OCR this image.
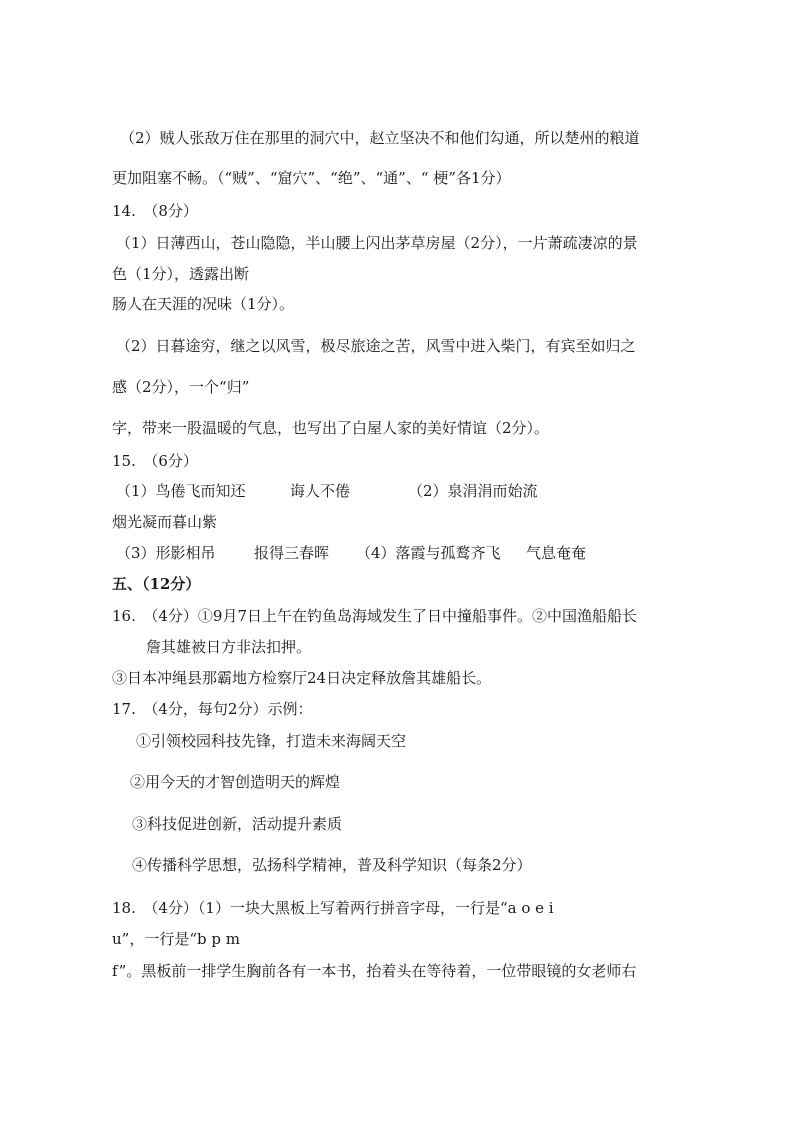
（2）贼人张敌万住在那里的洞穴中，赵立坚决不和他们勾通，所以楚州的粮道
更加阻塞不畅。（“贼”、“窟穴”、“绝”、“通”、“ 梗”各1分）
14.　（8分）
（1）日薄西山，苍山隐隐，半山腰上闪出茅草房屋（2分），一片萧疏凄凉的景
色（1分），透露出断
肠人在天涯的况味（1分）。
（2）日暮途穷，继之以风雪，极尽旅途之苦，风雪中进入柴门，有宾至如归之
感（2分），一个“归”
字，带来一股温暖的气息，也写出了白屋人家的美好情谊（2分）。
15.　（6分）
（1）鸟倦飞而知还	诲人不倦	（2）泉涓涓而始流
烟光凝而暮山紫
（3）形影相吊	报得三春晖 （4）落霞与孤鹜齐飞 气息奄奄
五、（12分）
16.　（4分）①9月7日上午在钓鱼岛海域发生了日中撞船事件。②中国渔船船长
詹其雄被日方非法扣押。
③日本冲绳县那霸地方检察厅24日决定释放詹其雄船长。
17.　（4分，每句2分）示例：
①引领校园科技先锋，打造未来海阔天空
②用今天的才智创造明天的辉煌
③科技促进创新，活动提升素质
④传播科学思想，弘扬科学精神，普及科学知识（每条2分）
18.　（4分）（1）一块大黑板上写着两行拼音字母，一行是“a o e i
u”，一行是“b p m
f”。黑板前一排学生胸前各有一本书，抬着头在等待着，一位带眼镜的女老师右
